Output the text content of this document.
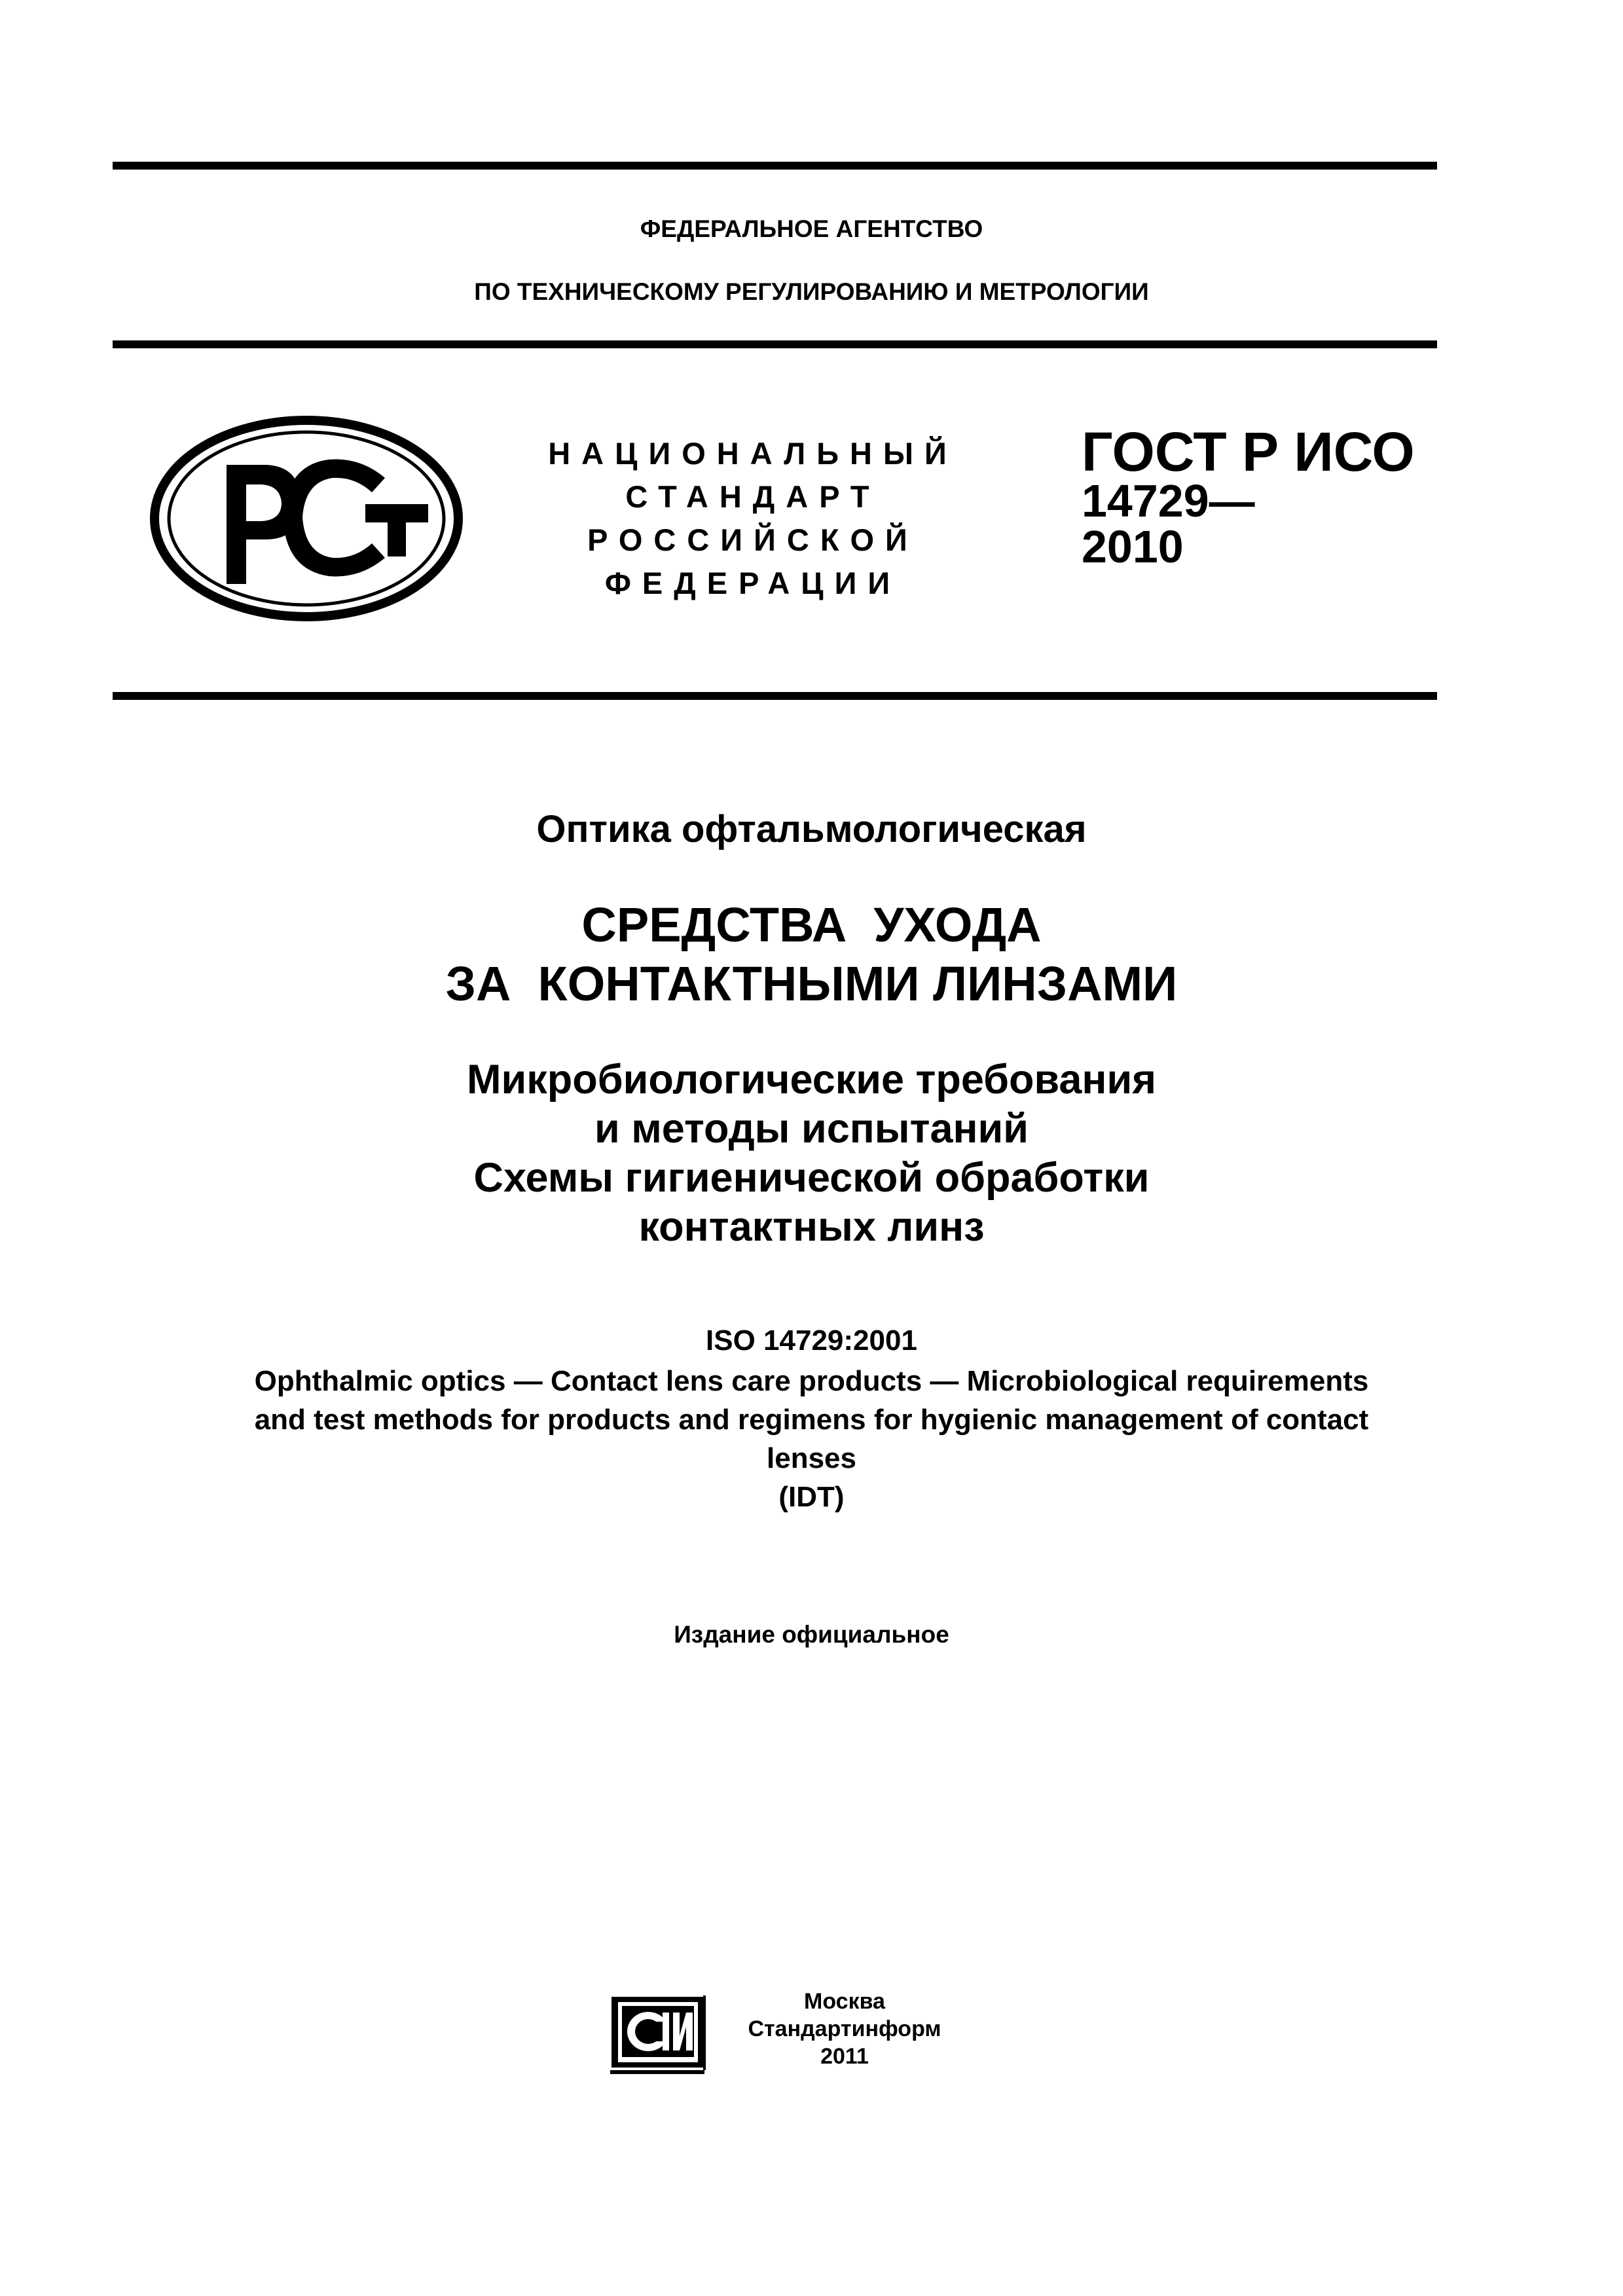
ФЕДЕРАЛЬНОЕ АГЕНТСТВО
ПО ТЕХНИЧЕСКОМУ РЕГУЛИРОВАНИЮ И МЕТРОЛОГИИ
НАЦИОНАЛЬНЫЙ
СТАНДАРТ
РОССИЙСКОЙ
ФЕДЕРАЦИИ
ГОСТ Р ИСО
14729—
2010
Оптика офтальмологическая
СРЕДСТВА  УХОДА
ЗА  КОНТАКТНЫМИ ЛИНЗАМИ
Микробиологические требования
и методы испытаний
Схемы гигиенической обработки
контактных линз
ISO 14729:2001
Ophthalmic optics — Contact lens care products — Microbiological requirements
and test methods for products and regimens for hygienic management of contact
lenses
(IDT)
Издание официальное
Москва
Стандартинформ
2011
